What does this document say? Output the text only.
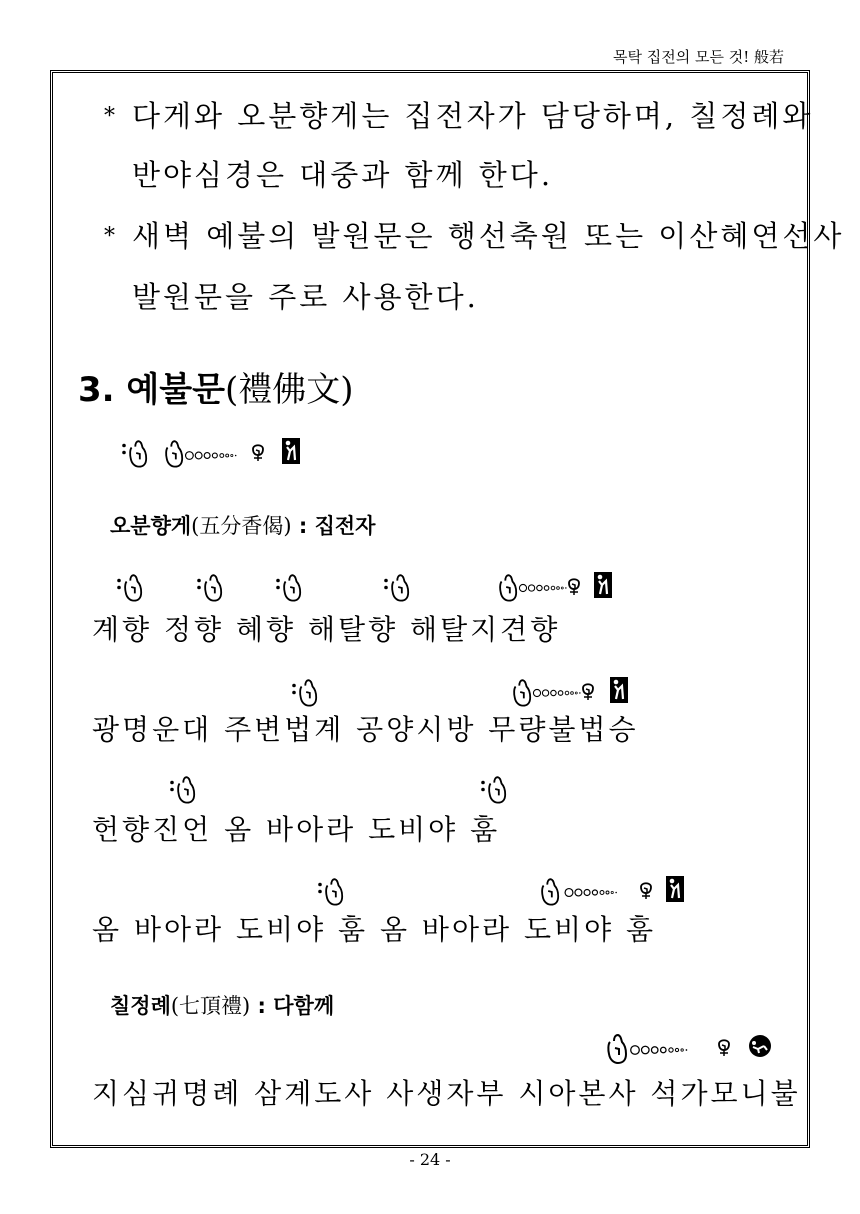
목탁 집전의 모든 것! 般若
* 다게와 오분향게는 집전자가 담당하며, 칠정례와
반야심경은 대중과 함께 한다.
* 새벽 예불의 발원문은 행선축원 또는 이산혜연선사
발원문을 주로 사용한다.
3. 예불문(禮佛文)
오분향게(五分香偈) : 집전자
계향 정향 혜향 해탈향 해탈지견향
광명운대 주변법계 공양시방 무량불법승
헌향진언 옴 바아라 도비야 훔
옴 바아라 도비야 훔 옴 바아라 도비야 훔
칠정례(七頂禮) : 다함께
지심귀명례 삼계도사 사생자부 시아본사 석가모니불
- 24 -
